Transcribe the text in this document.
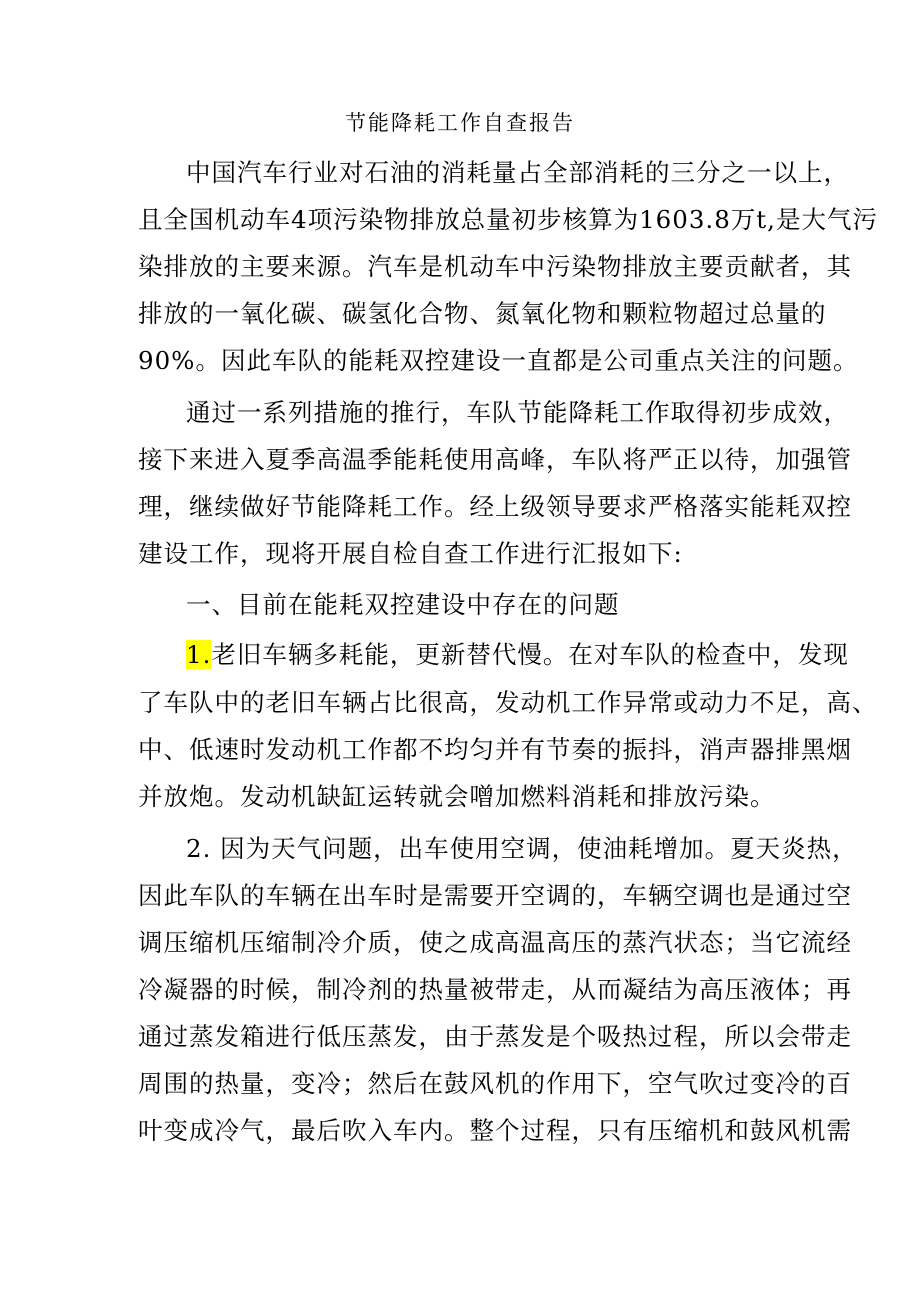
节能降耗工作自查报告
中国汽车行业对石油的消耗量占全部消耗的三分之一以上，
且全国机动车4项污染物排放总量初步核算为1603.8万t,是大气污
染排放的主要来源。汽车是机动车中污染物排放主要贡献者，其
排放的一氧化碳、碳氢化合物、氮氧化物和颗粒物超过总量的
90%。因此车队的能耗双控建设一直都是公司重点关注的问题。
通过一系列措施的推行，车队节能降耗工作取得初步成效，
接下来进入夏季高温季能耗使用高峰，车队将严正以待，加强管
理，继续做好节能降耗工作。经上级领导要求严格落实能耗双控
建设工作，现将开展自检自查工作进行汇报如下:
一、目前在能耗双控建设中存在的问题
1.老旧车辆多耗能，更新替代慢。在对车队的检查中，发现
了车队中的老旧车辆占比很高，发动机工作异常或动力不足，高、
中、低速时发动机工作都不均匀并有节奏的振抖，消声器排黑烟
并放炮。发动机缺缸运转就会噌加燃料消耗和排放污染。
2. 因为天气问题，出车使用空调，使油耗增加。夏天炎热，
因此车队的车辆在出车时是需要开空调的，车辆空调也是通过空
调压缩机压缩制冷介质，使之成高温高压的蒸汽状态；当它流经
冷凝器的时候，制冷剂的热量被带走，从而凝结为高压液体；再
通过蒸发箱进行低压蒸发，由于蒸发是个吸热过程，所以会带走
周围的热量，变冷；然后在鼓风机的作用下，空气吹过变冷的百
叶变成冷气，最后吹入车内。整个过程，只有压缩机和鼓风机需
